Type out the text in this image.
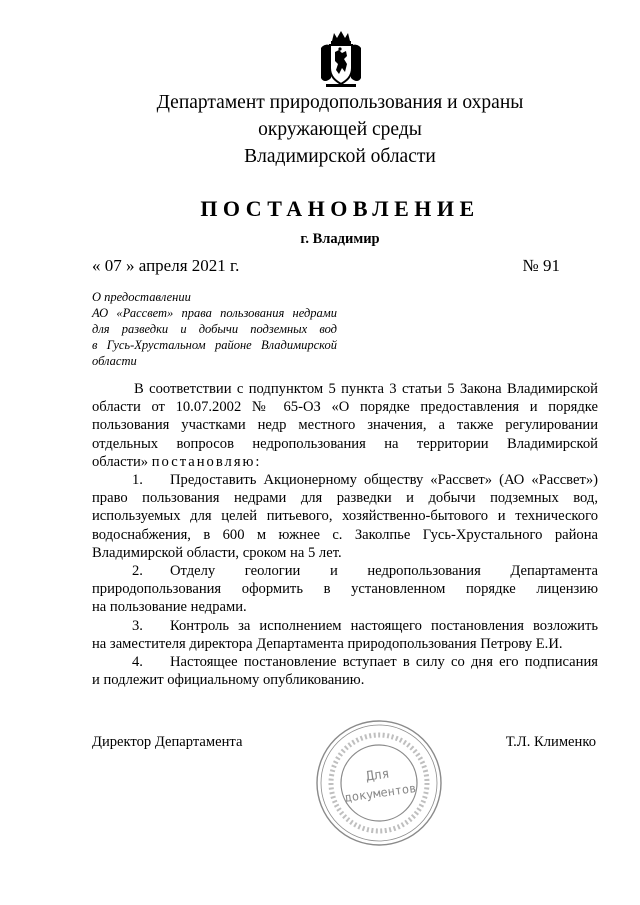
Департамент природопользования и охраны
окружающей среды
Владимирской области
ПОСТАНОВЛЕНИЕ
г. Владимир
« 07 » апреля 2021 г.	№ 91
О предоставлении
АО «Рассвет» права пользования недрами
для разведки и добычи подземных вод
в Гусь-Хрустальном районе Владимирской
области
В соответствии с подпунктом 5 пункта 3 статьи 5 Закона Владимирской
области от 10.07.2002 № 65-ОЗ «О порядке предоставления и порядке
пользования участками недр местного значения, а также регулировании
отдельных вопросов недропользования на территории Владимирской
области» постановляю:
1. Предоставить Акционерному обществу «Рассвет» (АО «Рассвет»)
право пользования недрами для разведки и добычи подземных вод,
используемых для целей питьевого, хозяйственно-бытового и технического
водоснабжения, в 600 м южнее с. Заколпье Гусь-Хрустального района
Владимирской области, сроком на 5 лет.
2. Отделу геологии и недропользования Департамента
природопользования оформить в установленном порядке лицензию
на пользование недрами.
3. Контроль за исполнением настоящего постановления возложить
на заместителя директора Департамента природопользования Петрову Е.И.
4. Настоящее постановление вступает в силу со дня его подписания
и подлежит официальному опубликованию.
Директор Департамента	Т.Л. Клименко
Для
документов
